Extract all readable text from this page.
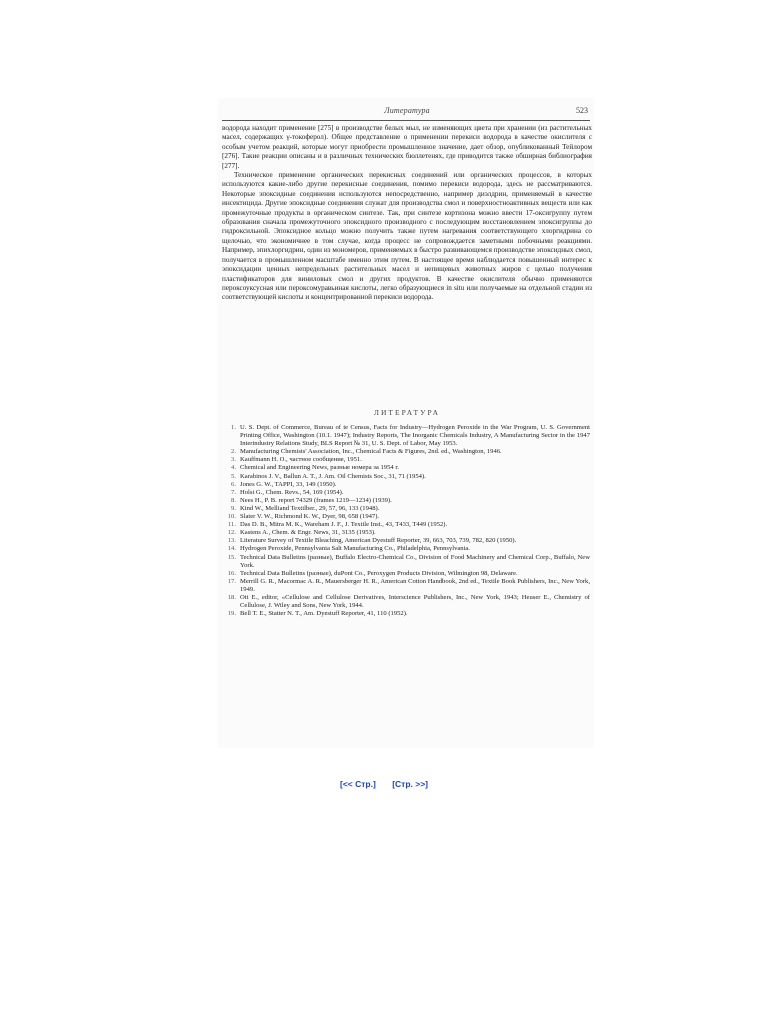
Литература	523

водорода находит применение [275] в производстве белых мыл, не изменяющих цвета при хранении (из растительных масел, содержащих γ-токоферол). Общее представление о применении перекиси водорода в качестве окислителя с особым учетом реакций, которые могут приобрести промышленное значение, дает обзор, опубликованный Тейлором [276]. Такие реакции описаны и в различных технических бюллетенях, где приводится также обширная библиография [277].

Техническое применение органических перекисных соединений или органических процессов, в которых используются какие-либо другие перекисные соединения, помимо перекиси водорода, здесь не рассматриваются. Некоторые эпоксидные соединения используются непосредственно, например диэлдрин, применяемый в качестве инсектицида. Другие эпоксидные соединения служат для производства смол и поверхностноактивных веществ или как промежуточные продукты в органическом синтезе. Так, при синтезе кортизона можно ввести 17-оксигруппу путем образования сначала промежуточного эпоксидного производного с последующим восстановлением эпоксигруппы до гидроксильной. Эпоксидное кольцо можно получить также путем нагревания соответствующего хлоргидрина со щелочью, что экономичнее в том случае, когда процесс не сопровождается заметными побочными реакциями. Например, эпихлоргидрин, один из мономеров, применяемых в быстро развивающемся производстве эпоксидных смол, получается в промышленном масштабе именно этим путем. В настоящее время наблюдается повышенный интерес к эпоксидации ценных непредельных растительных масел и непищевых животных жиров с целью получения пластификаторов для виниловых смол и других продуктов. В качестве окислителя обычно применяются пероксоуксусная или пероксомуравьиная кислоты, легко образующиеся in situ или получаемые на отдельной стадии из соответствующей кислоты и концентрированной перекиси водорода.

ЛИТЕРАТУРА
1. U. S. Dept. of Commerce, Bureau of te Census, Facts for Industry—Hydrogen Peroxide in the War Program, U. S. Government Printing Office, Washington (10.1. 1947); Industry Reports, The Inorganic Chemicals Industry, A Manufacturing Sector in the 1947 Interindustry Relations Study, BLS Report № 31, U. S. Dept. of Labor, May 1953.
2. Manufacturing Chemists' Association, Inc., Chemical Facts & Figures, 2nd. ed., Washington, 1946.
3. Kauffmann H. O., частное сообщение, 1951.
4. Chemical and Engineering News, разные номера за 1954 г.
5. Karabinos J. V., Ballun A. T., J. Am. Oil Chemists Soc., 31, 71 (1954).
6. Jones G. W., TAPPI, 33, 149 (1950).
7. Holst G., Chem. Revs., 54, 169 (1954).
8. Nees H., P. B. report 74329 (frames 1219—1234) (1939).
9. Kind W., Melliand Textilber., 29, 57, 96, 133 (1948).
10. Slater V. W., Richmond K. W., Dyer, 98, 658 (1947).
11. Das D. B., Mitra M. K., Wareham J. F., J. Textile Inst., 43, T433, T449 (1952).
12. Kastens A., Chem. & Engr. News, 31, 3135 (1953).
13. Literature Survey of Textile Bleaching, American Dyestuff Reporter, 39, 663, 703, 739, 782, 820 (1950).
14. Hydrogen Peroxide, Pennsylvania Salt Manufacturing Co., Philadelphia, Pennsylvania.
15. Technical Data Bulletins (разные), Buffalo Electro-Chemical Co., Division of Food Machinery and Chemical Corp., Buffalo, New York.
16. Technical Data Bulletins (разные), duPont Co., Peroxygen Products Division, Wilmington 98, Delaware.
17. Merrill G. R., Macormac A. R., Mauersberger H. R., American Cotton Handbook, 2nd ed., Textile Book Publishers, Inc., New York, 1949.
18. Ott E., editor, «Cellulose and Cellulose Derivatives, Interscience Publishers, Inc., New York, 1943; Heuser E., Chemistry of Cellulose, J. Wiley and Sons, New York, 1944.
19. Bell T. E., Statter N. T., Am. Dyestuff Reporter, 41, 110 (1952).
[<< Стр.] [Стр. >>]
